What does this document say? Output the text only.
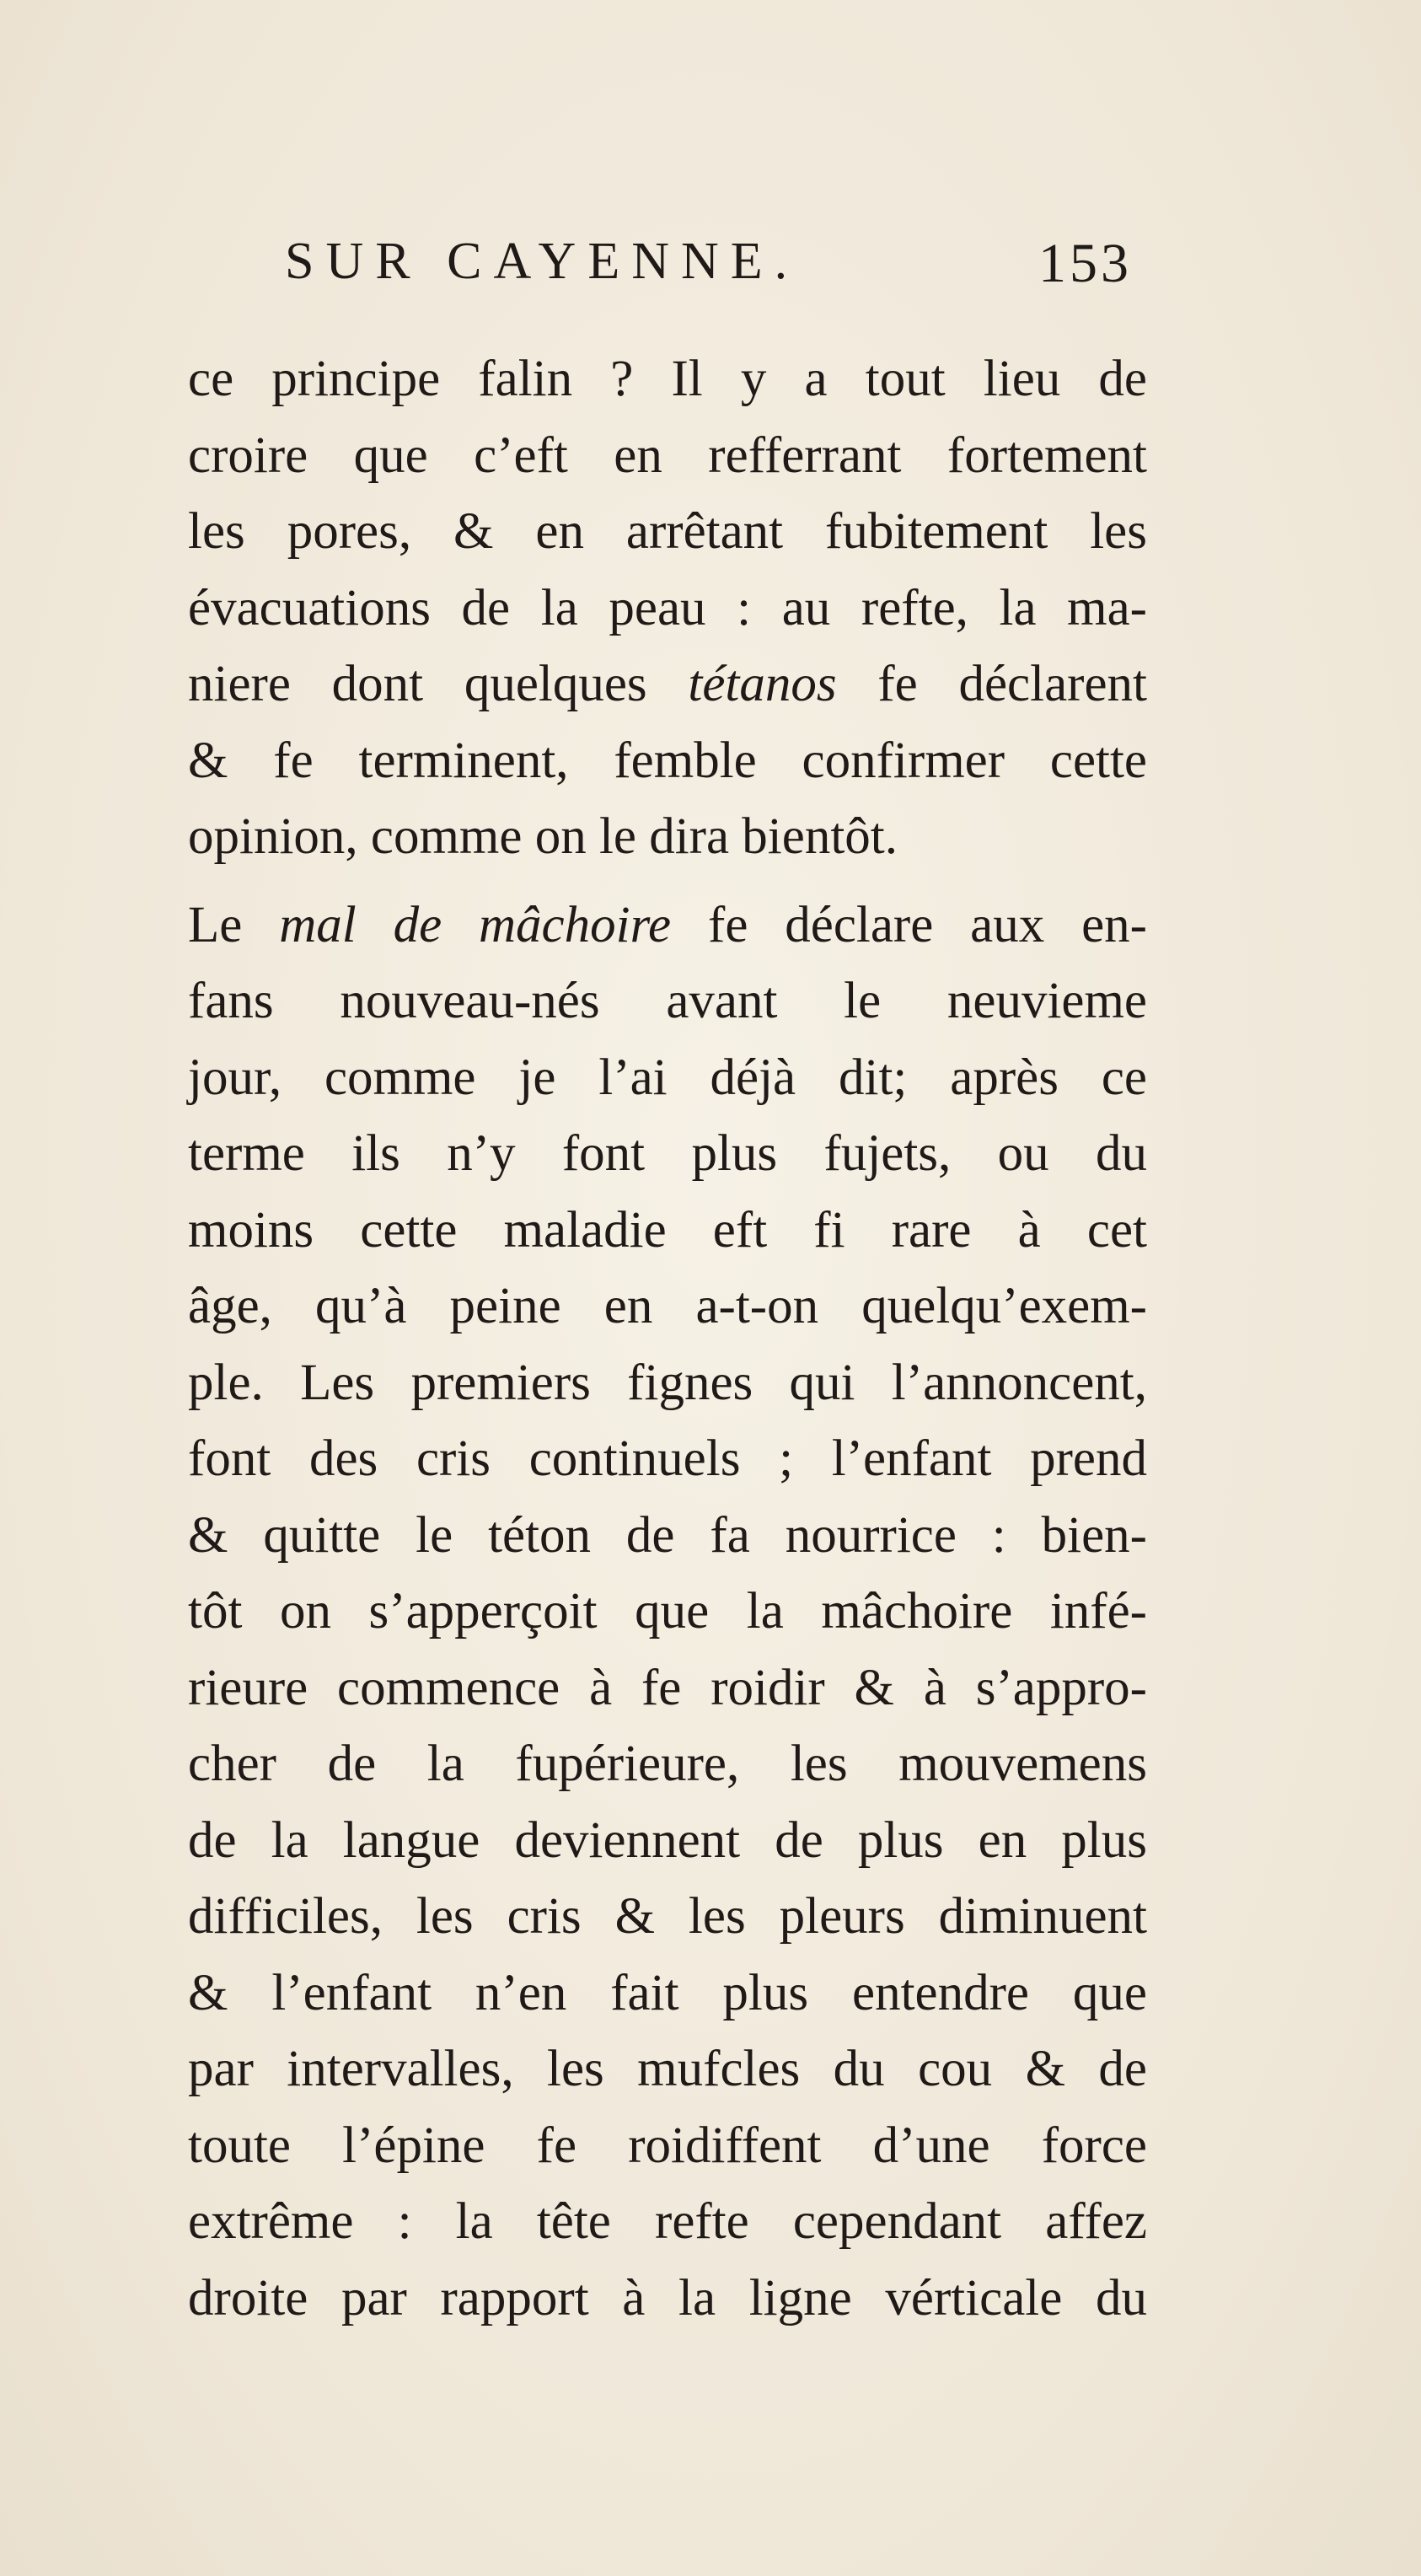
SUR CAYENNE.	153
ce principe falin ? Il y a tout lieu de
croire que c’eft en refferrant fortement
les pores, & en arrêtant fubitement les
évacuations de la peau : au refte, la ma-
niere dont quelques tétanos fe déclarent
& fe terminent, femble confirmer cette
opinion, comme on le dira bientôt.
Le mal de mâchoire fe déclare aux en-
fans nouveau-nés avant le neuvieme
jour, comme je l’ai déjà dit; après ce
terme ils n’y font plus fujets, ou du
moins cette maladie eft fi rare à cet
âge, qu’à peine en a-t-on quelqu’exem-
ple. Les premiers fignes qui l’annoncent,
font des cris continuels ; l’enfant prend
& quitte le téton de fa nourrice : bien-
tôt on s’apperçoit que la mâchoire infé-
rieure commence à fe roidir & à s’appro-
cher de la fupérieure, les mouvemens
de la langue deviennent de plus en plus
difficiles, les cris & les pleurs diminuent
& l’enfant n’en fait plus entendre que
par intervalles, les mufcles du cou & de
toute l’épine fe roidiffent d’une force
extrême : la tête refte cependant affez
droite par rapport à la ligne vérticale du
